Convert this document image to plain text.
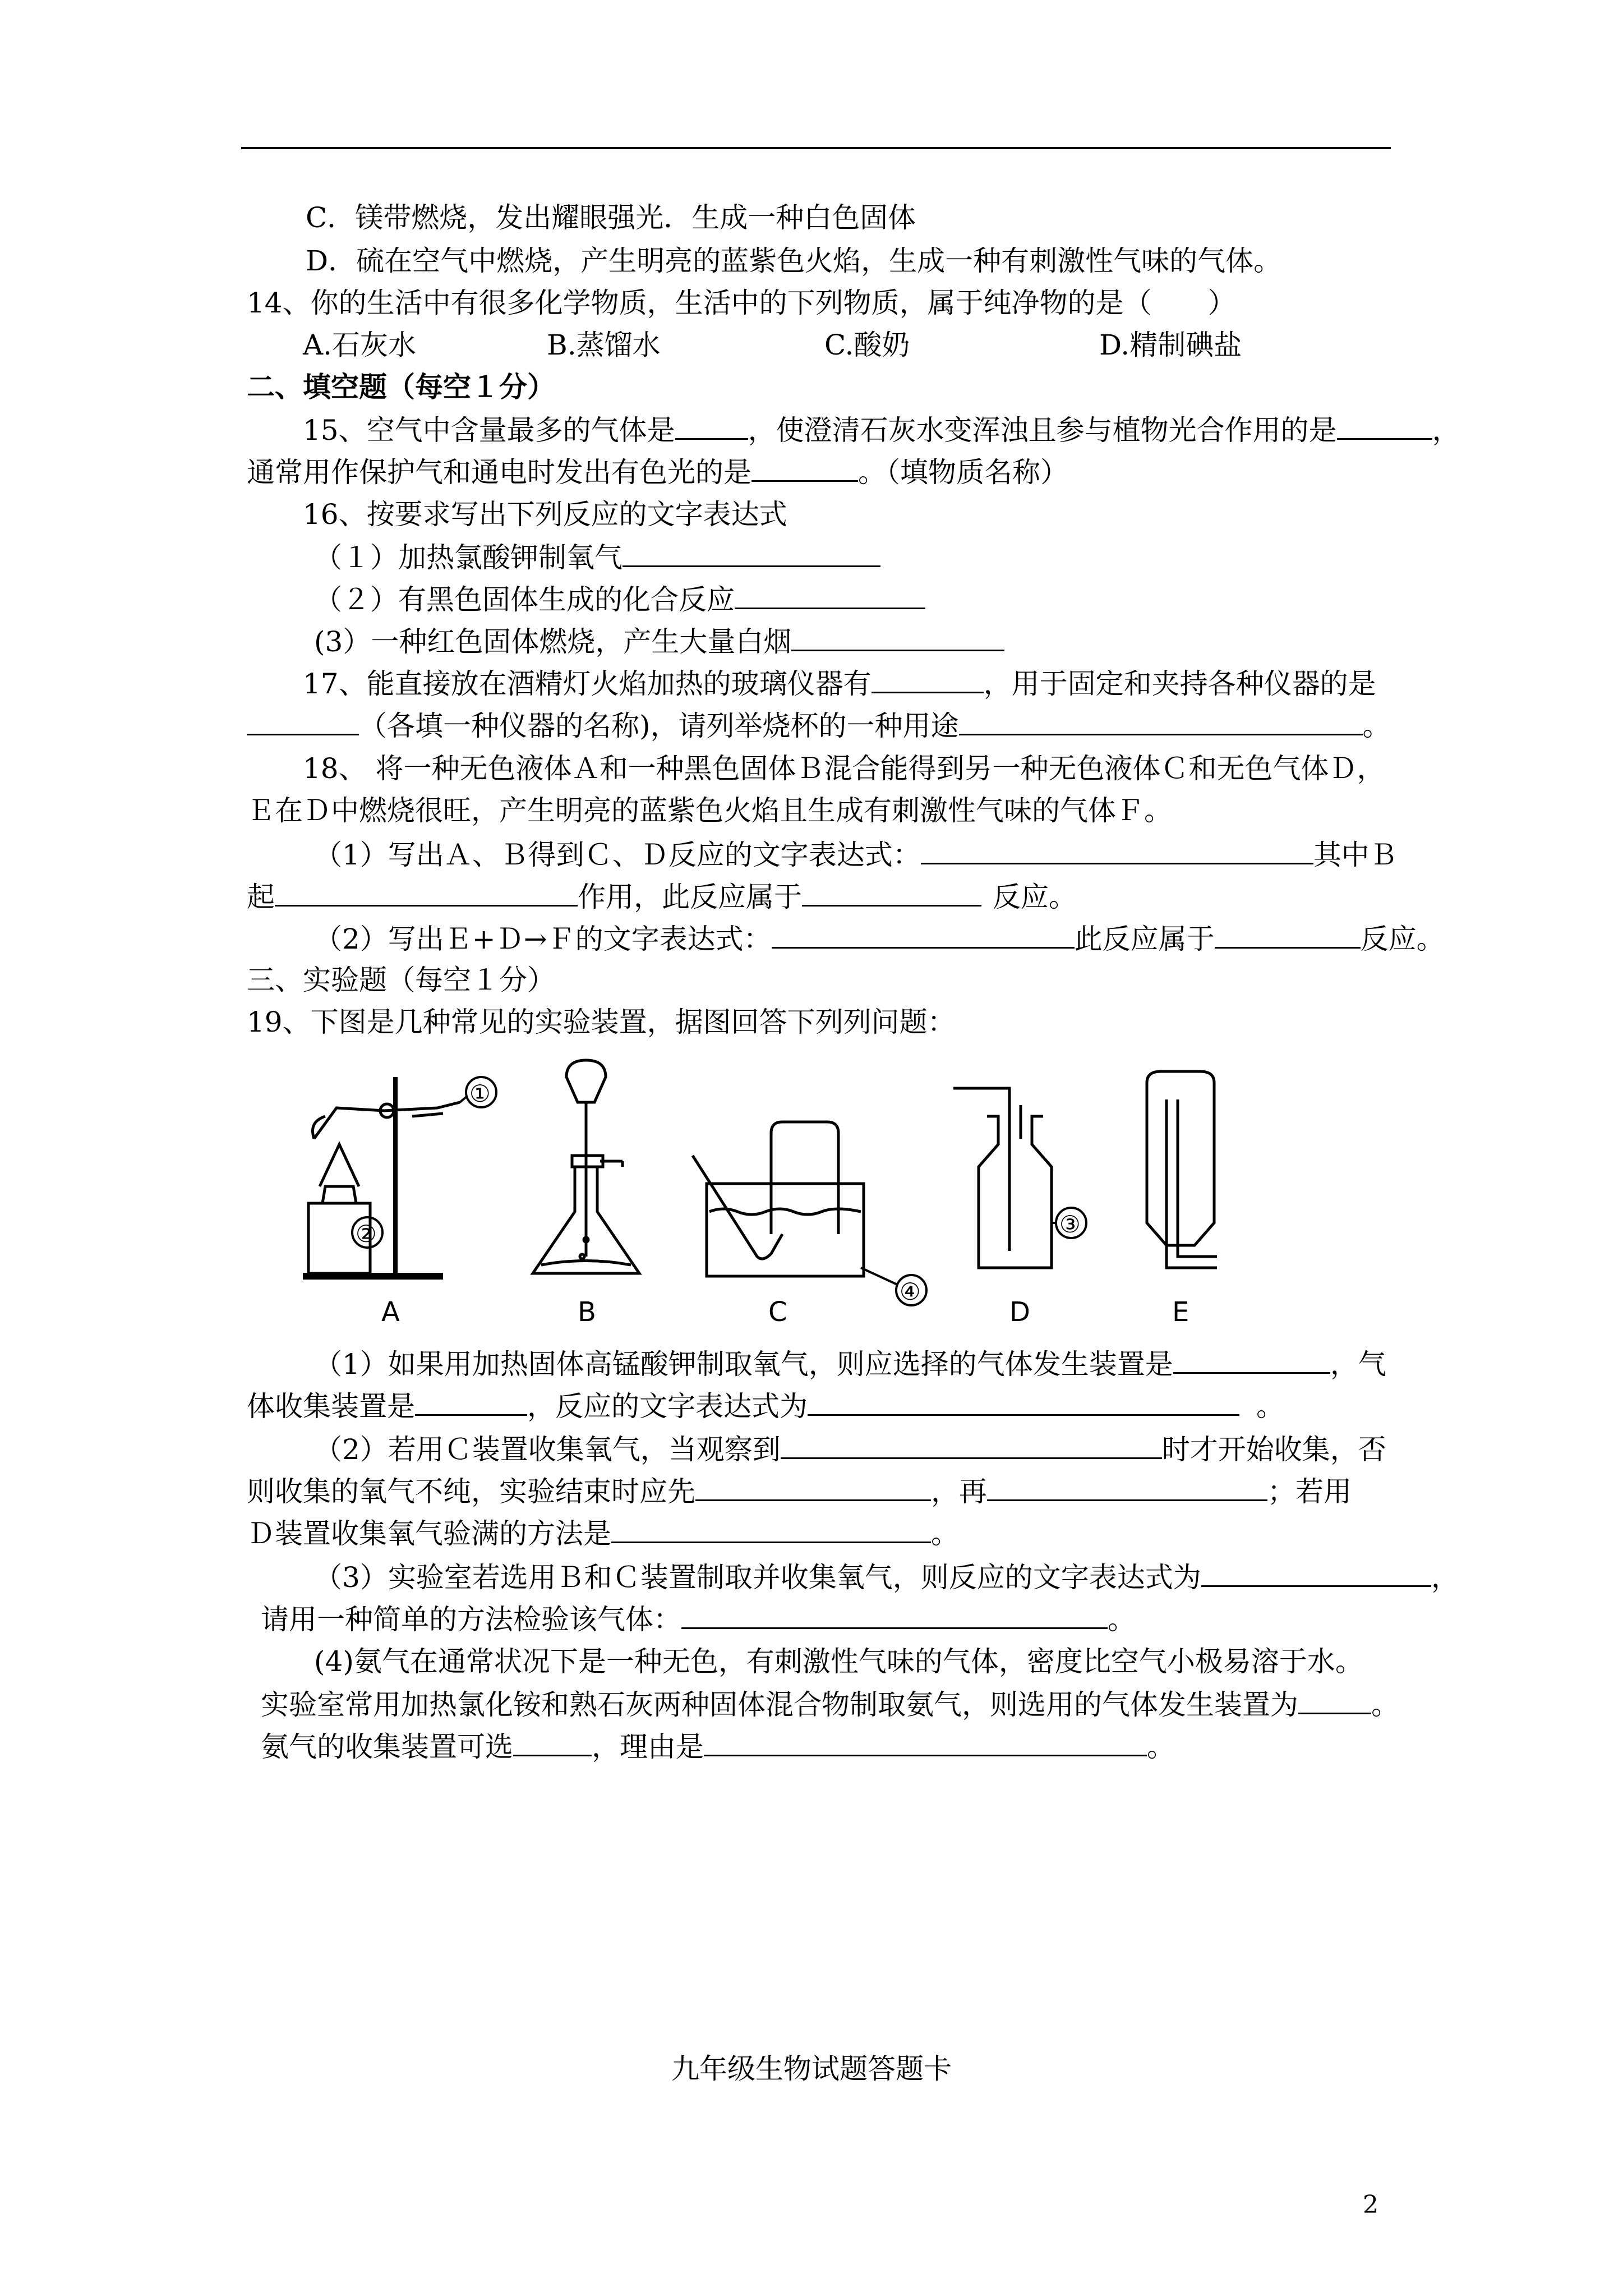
C．镁带燃烧，发出耀眼强光．生成一种白色固体
D．硫在空气中燃烧，产生明亮的蓝紫色火焰，生成一种有刺激性气味的气体。
14、你的生活中有很多化学物质，生活中的下列物质，属于纯净物的是（　　）
A.石灰水	B.蒸馏水	C.酸奶	D.精制碘盐
二、填空题（每空１分）
15、空气中含量最多的气体是	，使澄清石灰水变浑浊且参与植物光合作用的是	，
通常用作保护气和通电时发出有色光的是	。（填物质名称）
16、按要求写出下列反应的文字表达式
（１）加热氯酸钾制氧气
（２）有黑色固体生成的化合反应
(3）一种红色固体燃烧，产生大量白烟
17、能直接放在酒精灯火焰加热的玻璃仪器有	，用于固定和夹持各种仪器的是
（各填一种仪器的名称)，请列举烧杯的一种用途	。
18、 将一种无色液体Ａ和一种黑色固体Ｂ混合能得到另一种无色液体Ｃ和无色气体Ｄ，
Ｅ在Ｄ中燃烧很旺，产生明亮的蓝紫色火焰且生成有刺激性气味的气体Ｆ。
（1）写出Ａ、Ｂ得到Ｃ、Ｄ反应的文字表达式：	其中Ｂ
起	作用，此反应属于	反应。
（2）写出Ｅ+Ｄ→Ｆ的文字表达式：	此反应属于	反应。
三、实验题（每空１分）
19、下图是几种常见的实验装置，据图回答下列列问题：
A	B	C	D	E
①
②	③
④
（1）如果用加热固体高锰酸钾制取氧气，则应选择的气体发生装置是	，气
体收集装置是	，反应的文字表达式为	。
（2）若用Ｃ装置收集氧气，当观察到	时才开始收集，否
则收集的氧气不纯，实验结束时应先	，再	；若用
Ｄ装置收集氧气验满的方法是	。
（3）实验室若选用Ｂ和Ｃ装置制取并收集氧气，则反应的文字表达式为	，
请用一种简单的方法检验该气体：	。
(4)氨气在通常状况下是一种无色，有刺激性气味的气体，密度比空气小极易溶于水。
实验室常用加热氯化铵和熟石灰两种固体混合物制取氨气，则选用的气体发生装置为	。
氨气的收集装置可选	，理由是	。
九年级生物试题答题卡
2
